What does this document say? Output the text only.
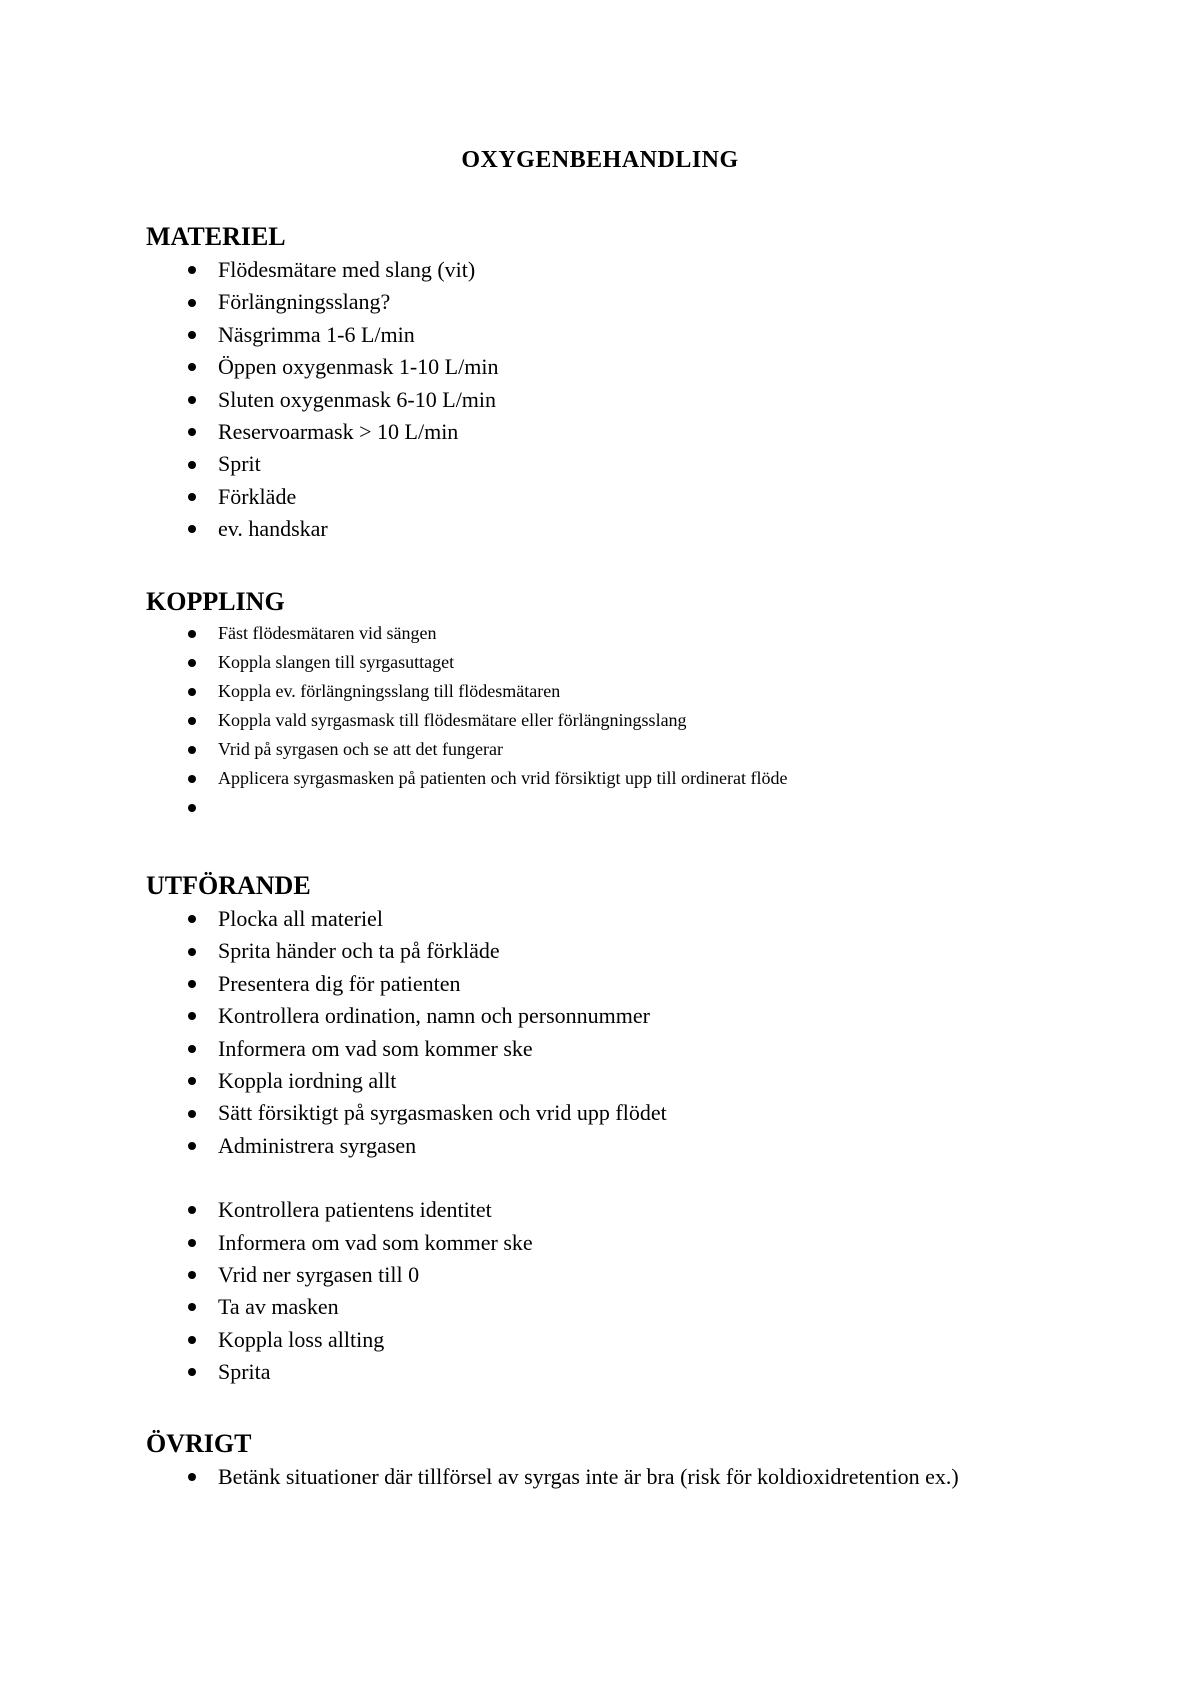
OXYGENBEHANDLING
MATERIEL
Flödesmätare med slang (vit)
Förlängningsslang?
Näsgrimma 1-6 L/min
Öppen oxygenmask 1-10 L/min
Sluten oxygenmask 6-10 L/min
Reservoarmask > 10 L/min
Sprit
Förkläde
ev. handskar
KOPPLING
Fäst flödesmätaren vid sängen
Koppla slangen till syrgasuttaget
Koppla ev. förlängningsslang till flödesmätaren
Koppla vald syrgasmask till flödesmätare eller förlängningsslang
Vrid på syrgasen och se att det fungerar
Applicera syrgasmasken på patienten och vrid försiktigt upp till ordinerat flöde
UTFÖRANDE
Plocka all materiel
Sprita händer och ta på förkläde
Presentera dig för patienten
Kontrollera ordination, namn och personnummer
Informera om vad som kommer ske
Koppla iordning allt
Sätt försiktigt på syrgasmasken och vrid upp flödet
Administrera syrgasen
Kontrollera patientens identitet
Informera om vad som kommer ske
Vrid ner syrgasen till 0
Ta av masken
Koppla loss allting
Sprita
ÖVRIGT
Betänk situationer där tillförsel av syrgas inte är bra (risk för koldioxidretention ex.)
